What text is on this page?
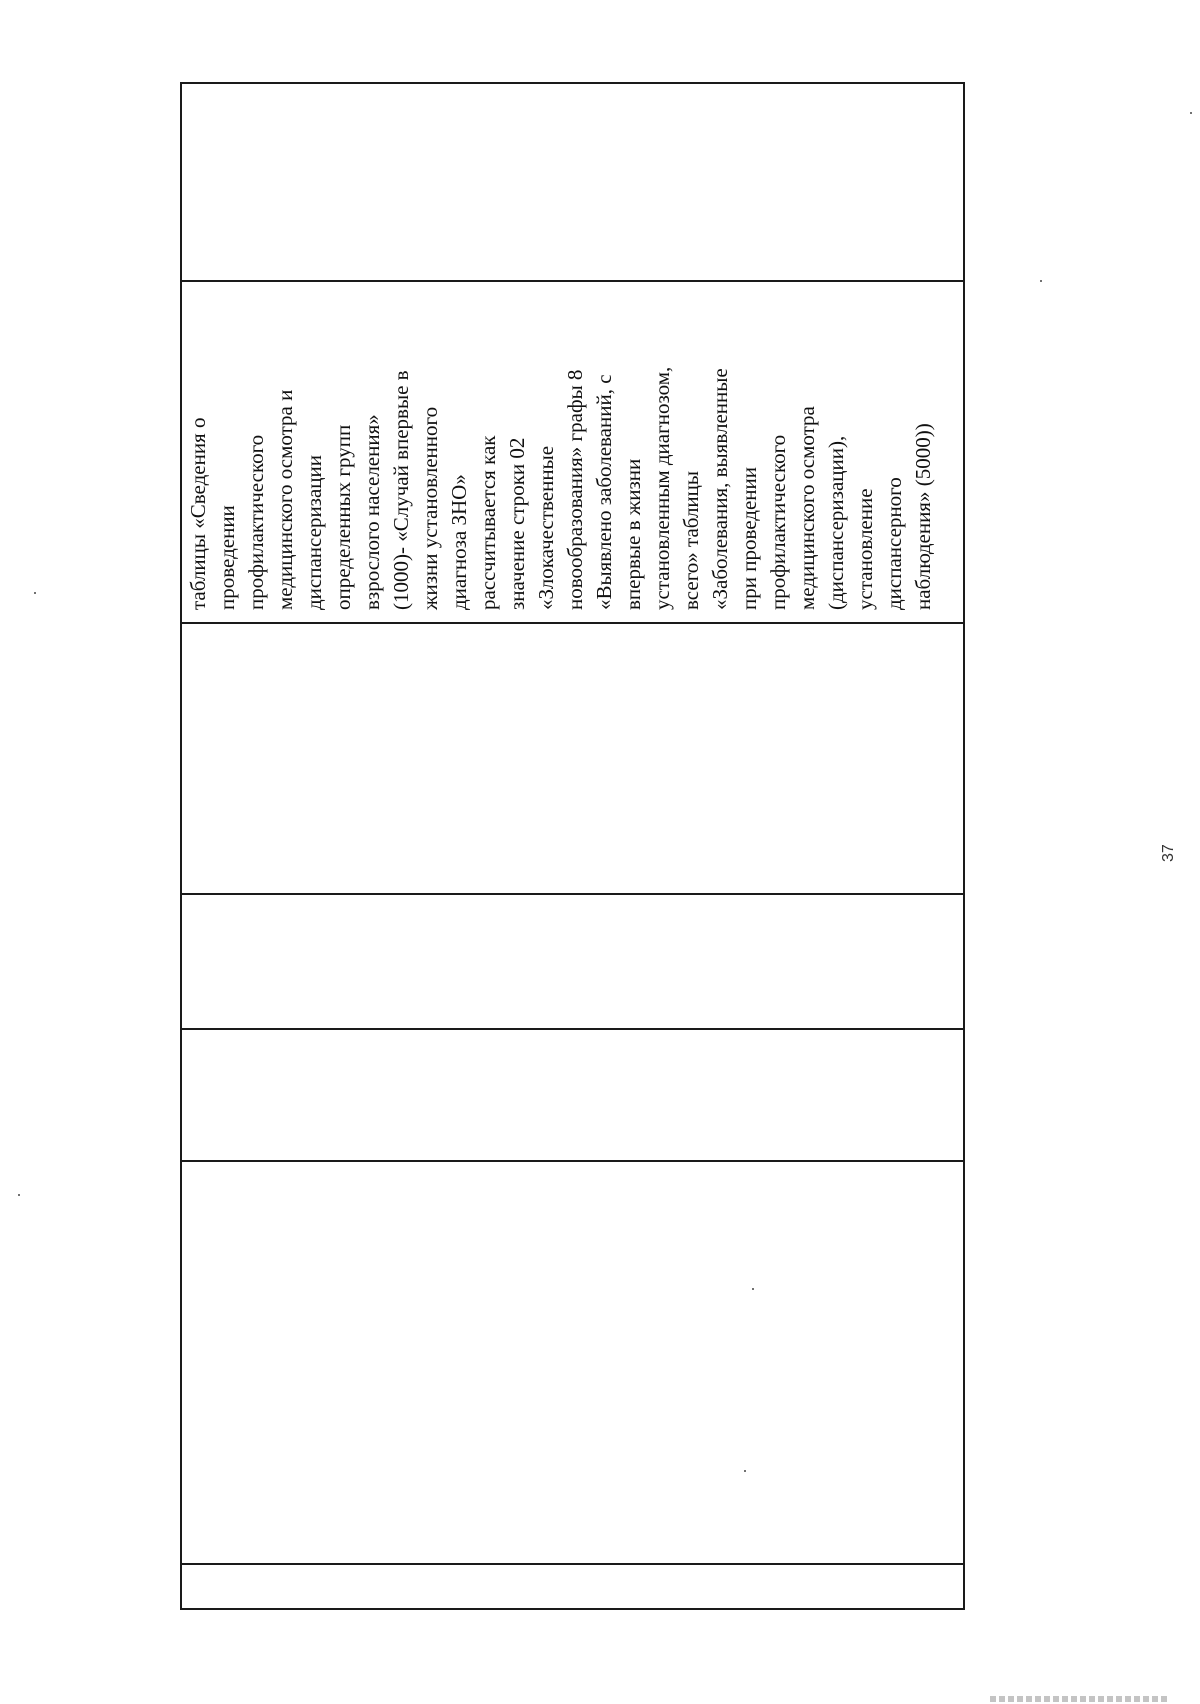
таблицы «Сведения о
проведении
профилактического
медицинского осмотра и
диспансеризации
определенных групп
взрослого населения»
(1000)- «Случай впервые в
жизни установленного
диагноза ЗНО»
рассчитывается как
значение строки 02
«Злокачественные
новообразования» графы 8
«Выявлено заболеваний, с
впервые в жизни
установленным диагнозом,
всего» таблицы
«Заболевания, выявленные
при проведении
профилактического
медицинского осмотра
(диспансеризации),
установление
диспансерного
наблюдения» (5000))
37
